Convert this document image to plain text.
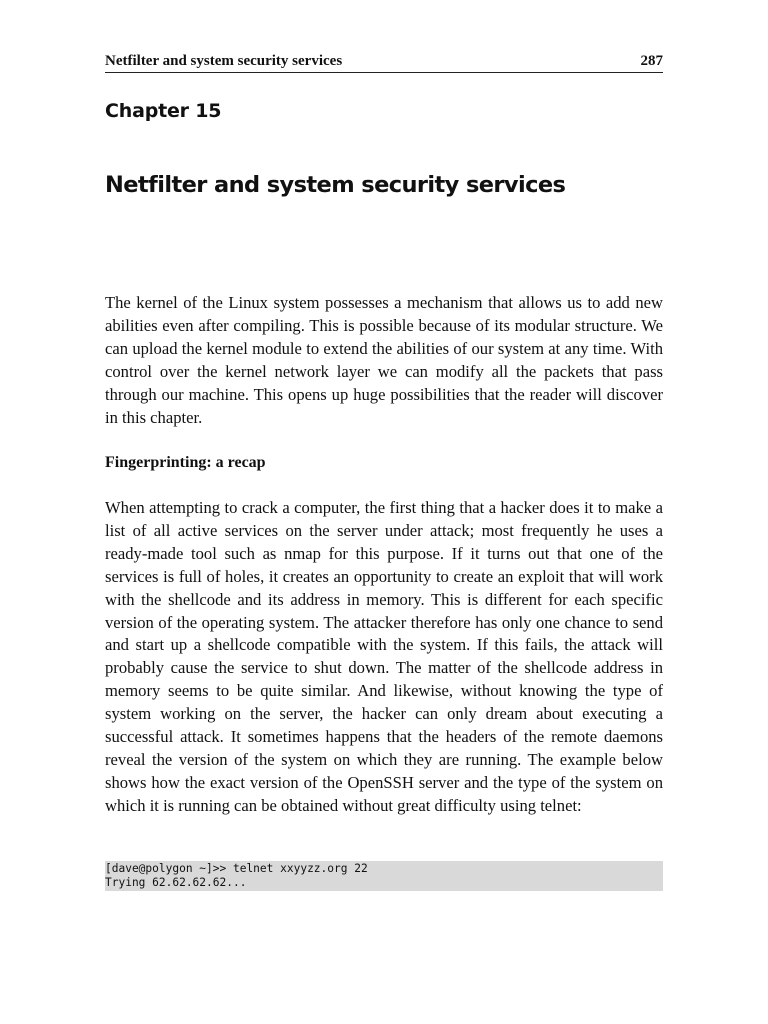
Netfilter and system security services	287
Chapter 15
Netfilter and system security services

The kernel of the Linux system possesses a mechanism that allows us to add new abilities even after compiling. This is possible because of its modular structure. We can upload the kernel module to extend the abilities of our system at any time. With control over the kernel network layer we can modify all the packets that pass through our machine. This opens up huge possibilities that the reader will discover in this chapter.

Fingerprinting: a recap

When attempting to crack a computer, the first thing that a hacker does it to make a list of all active services on the server under attack; most frequently he uses a ready-made tool such as nmap for this purpose. If it turns out that one of the services is full of holes, it creates an opportunity to create an exploit that will work with the shellcode and its address in memory. This is different for each specific version of the operating system. The attacker therefore has only one chance to send and start up a shellcode compatible with the system. If this fails, the attack will probably cause the service to shut down. The matter of the shellcode address in memory seems to be quite similar. And likewise, without knowing the type of system working on the server, the hacker can only dream about executing a successful attack. It sometimes happens that the headers of the remote daemons reveal the version of the system on which they are running. The example below shows how the exact version of the OpenSSH server and the type of the system on which it is running can be obtained without great difficulty using telnet:

[dave@polygon ~]>> telnet xxyyzz.org 22
Trying 62.62.62.62...
